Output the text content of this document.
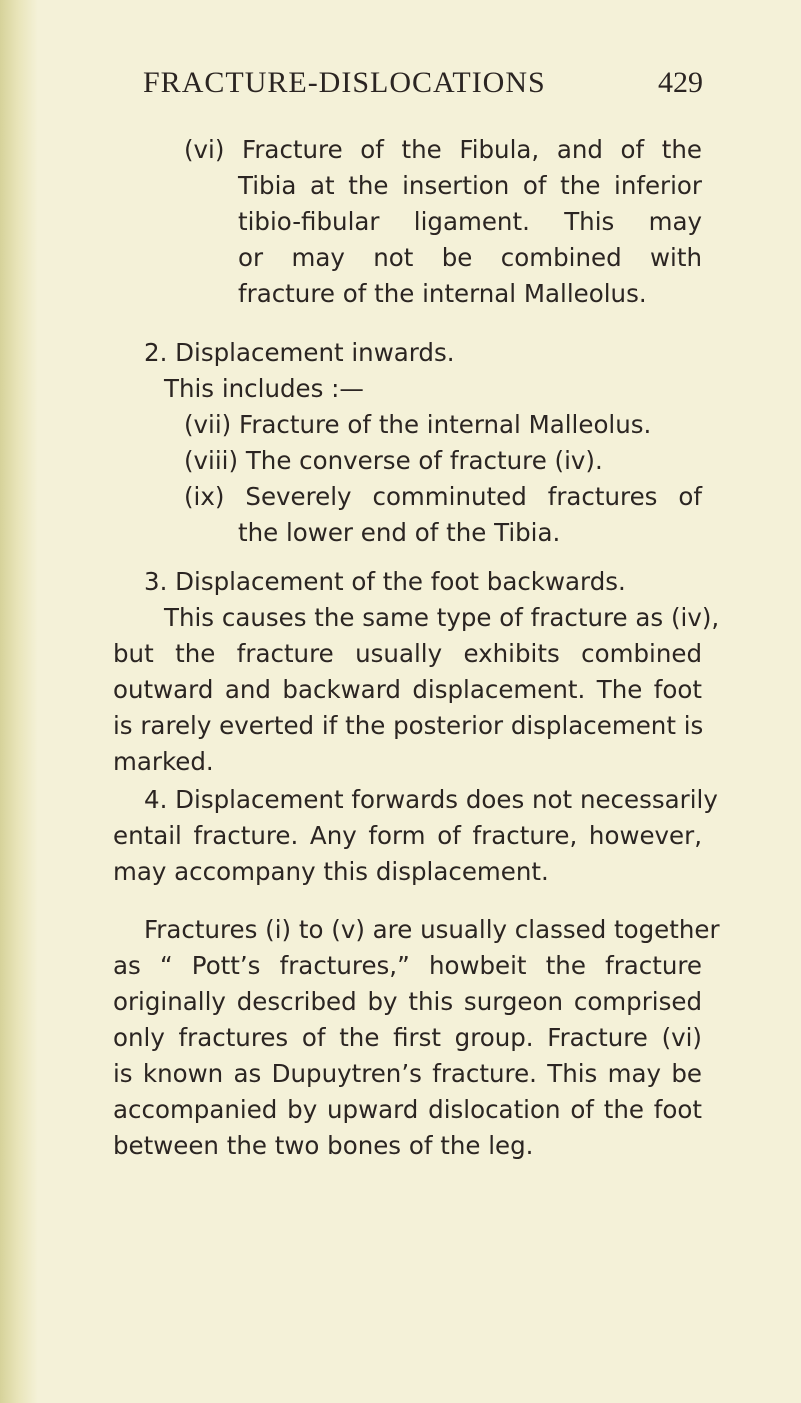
FRACTURE-DISLOCATIONS	429
(vi) Fracture of the Fibula, and of the
Tibia at the insertion of the inferior
tibio-fibular ligament. This may
or may not be combined with
fracture of the internal Malleolus.
2. Displacement inwards.
This includes :—
(vii) Fracture of the internal Malleolus.
(viii) The converse of fracture (iv).
(ix) Severely comminuted fractures of
the lower end of the Tibia.
3. Displacement of the foot backwards.
This causes the same type of fracture as (iv),
but the fracture usually exhibits combined
outward and backward displacement. The foot
is rarely everted if the posterior displacement is
marked.
4. Displacement forwards does not necessarily
entail fracture. Any form of fracture, however,
may accompany this displacement.
Fractures (i) to (v) are usually classed together
as “ Pott’s fractures,” howbeit the fracture
originally described by this surgeon comprised
only fractures of the first group. Fracture (vi)
is known as Dupuytren’s fracture. This may be
accompanied by upward dislocation of the foot
between the two bones of the leg.
